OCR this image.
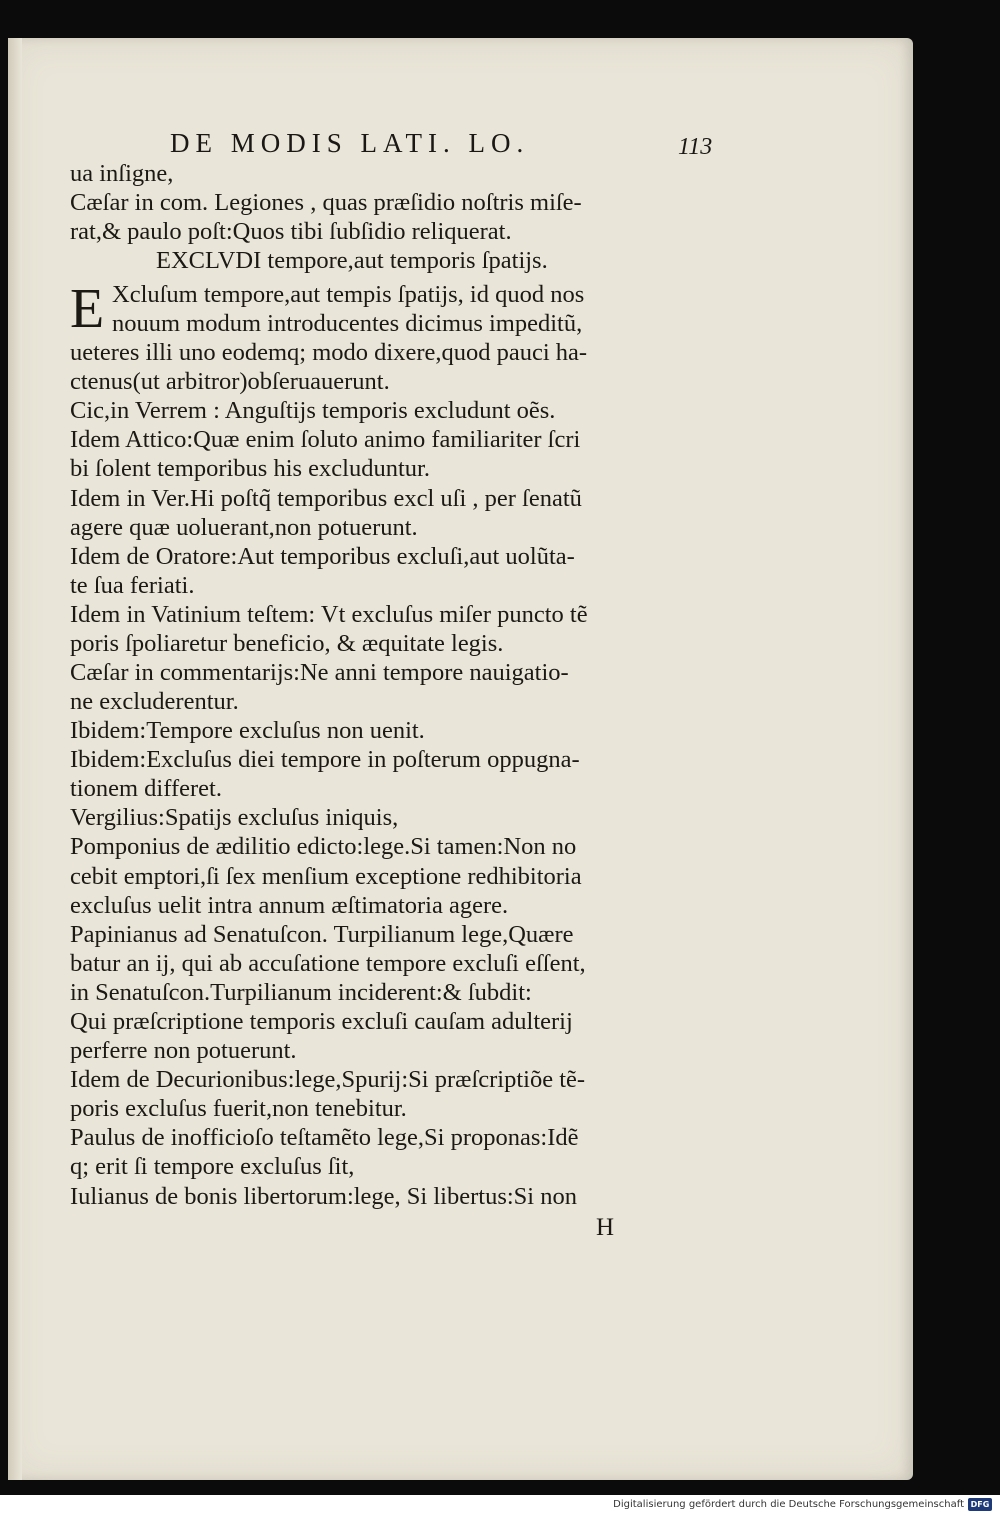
DE MODIS LATI. LO.	113
E
ua inſigne,
Cæſar in com. Legiones , quas præſidio noſtris miſe-
rat,& paulo poſt:Quos tibi ſubſidio reliquerat.
EXCLVDI tempore,aut temporis ſpatijs.
Xcluſum tempore,aut tempis ſpatijs, id quod nos
nouum modum introducentes dicimus impeditũ,
ueteres illi uno eodemq; modo dixere,quod pauci ha-
ctenus(ut arbitror)obſeruauerunt.
Cic,in Verrem : Anguſtijs temporis excludunt oẽs.
Idem Attico:Quæ enim ſoluto animo familiariter ſcri
bi ſolent temporibus his excluduntur.
Idem in Ver.Hi poſtq̃ temporibus excl uſi , per ſenatũ
agere quæ uoluerant,non potuerunt.
Idem de Oratore:Aut temporibus excluſi,aut uolũta-
te ſua feriati.
Idem in Vatinium teſtem: Vt excluſus miſer puncto tẽ
poris ſpoliaretur beneficio, & æquitate legis.
Cæſar in commentarijs:Ne anni tempore nauigatio-
ne excluderentur.
Ibidem:Tempore excluſus non uenit.
Ibidem:Excluſus diei tempore in poſterum oppugna-
tionem differet.
Vergilius:Spatijs excluſus iniquis,
Pomponius de ædilitio edicto:lege.Si tamen:Non no
cebit emptori,ſi ſex menſium exceptione redhibitoria
excluſus uelit intra annum æſtimatoria agere.
Papinianus ad Senatuſcon. Turpilianum lege,Quære
batur an ij, qui ab accuſatione tempore excluſi eſſent,
in Senatuſcon.Turpilianum inciderent:& ſubdit:
Qui præſcriptione temporis excluſi cauſam adulterij
perferre non potuerunt.
Idem de Decurionibus:lege,Spurij:Si præſcriptiõe tẽ-
poris excluſus fuerit,non tenebitur.
Paulus de inofficioſo teſtamẽto lege,Si proponas:Idẽ
q; erit ſi tempore excluſus ſit,
Iulianus de bonis libertorum:lege, Si libertus:Si non
H
Digitalisierung gefördert durch die Deutsche Forschungsgemeinschaft DFG
